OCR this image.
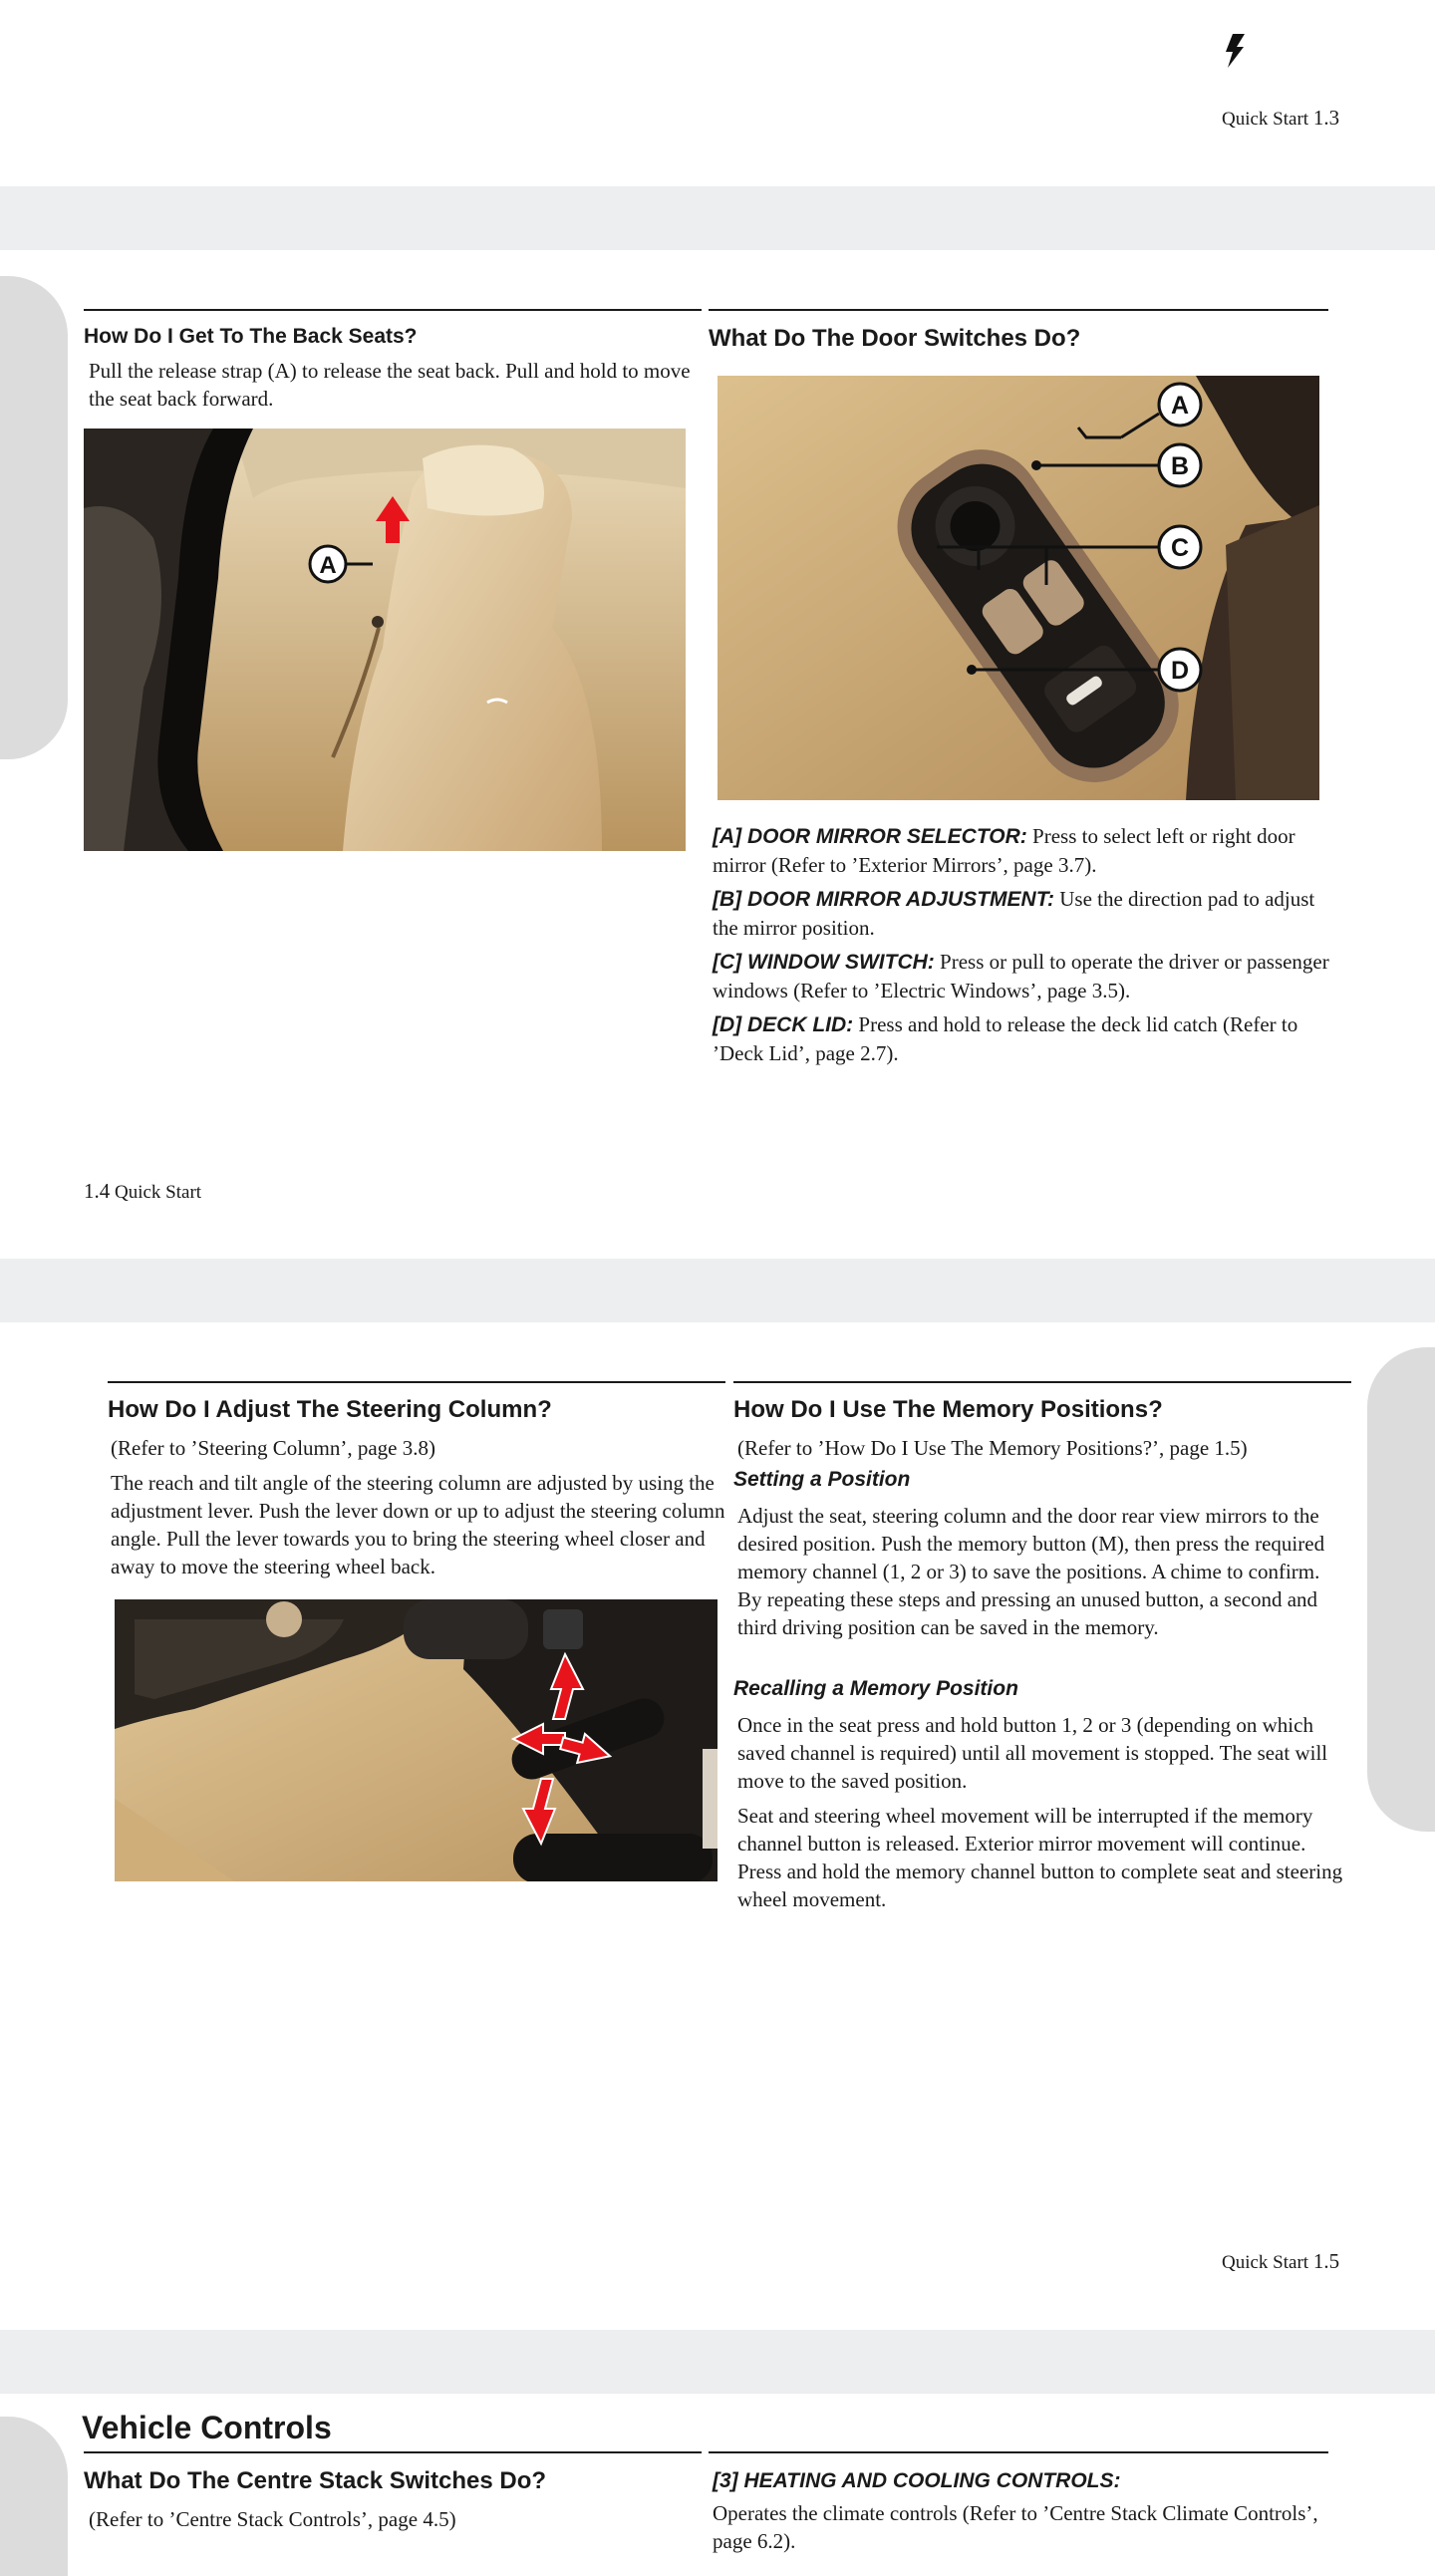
Quick Start 1.3
How Do I Get To The Back Seats?
Pull the release strap (A) to release the seat back. Pull and hold to move the seat back forward.
A
What Do The Door Switches Do?
A
B
C
D
[A] DOOR MIRROR SELECTOR: Press to select left or right door mirror (Refer to ’Exterior Mirrors’, page 3.7).
[B] DOOR MIRROR ADJUSTMENT: Use the direction pad to adjust the mirror position.
[C] WINDOW SWITCH: Press or pull to operate the driver or passenger windows (Refer to ’Electric Windows’, page 3.5).
[D] DECK LID: Press and hold to release the deck lid catch (Refer to ’Deck Lid’, page 2.7).
1.4 Quick Start
How Do I Adjust The Steering Column?
(Refer to ’Steering Column’, page 3.8)
The reach and tilt angle of the steering column are adjusted by using the adjustment lever. Push the lever down or up to adjust the steering column angle. Pull the lever towards you to bring the steering wheel closer and away to move the steering wheel back.
How Do I Use The Memory Positions?
(Refer to ’How Do I Use The Memory Positions?’, page 1.5)
Setting a Position
Adjust the seat, steering column and the door rear view mirrors to the desired position. Push the memory button (M), then press the required memory channel (1, 2 or 3) to save the positions. A chime to confirm. By repeating these steps and pressing an unused button, a second and third driving position can be saved in the memory.
Recalling a Memory Position
Once in the seat press and hold button 1, 2 or 3 (depending on which saved channel is required) until all movement is stopped. The seat will move to the saved position.
Seat and steering wheel movement will be interrupted if the memory channel button is released. Exterior mirror movement will continue. Press and hold the memory channel button to complete seat and steering wheel movement.
Quick Start 1.5
Vehicle Controls
What Do The Centre Stack Switches Do?
(Refer to ’Centre Stack Controls’, page 4.5)
[3] HEATING AND COOLING CONTROLS:
Operates the climate controls (Refer to ’Centre Stack Climate Controls’, page 6.2).
